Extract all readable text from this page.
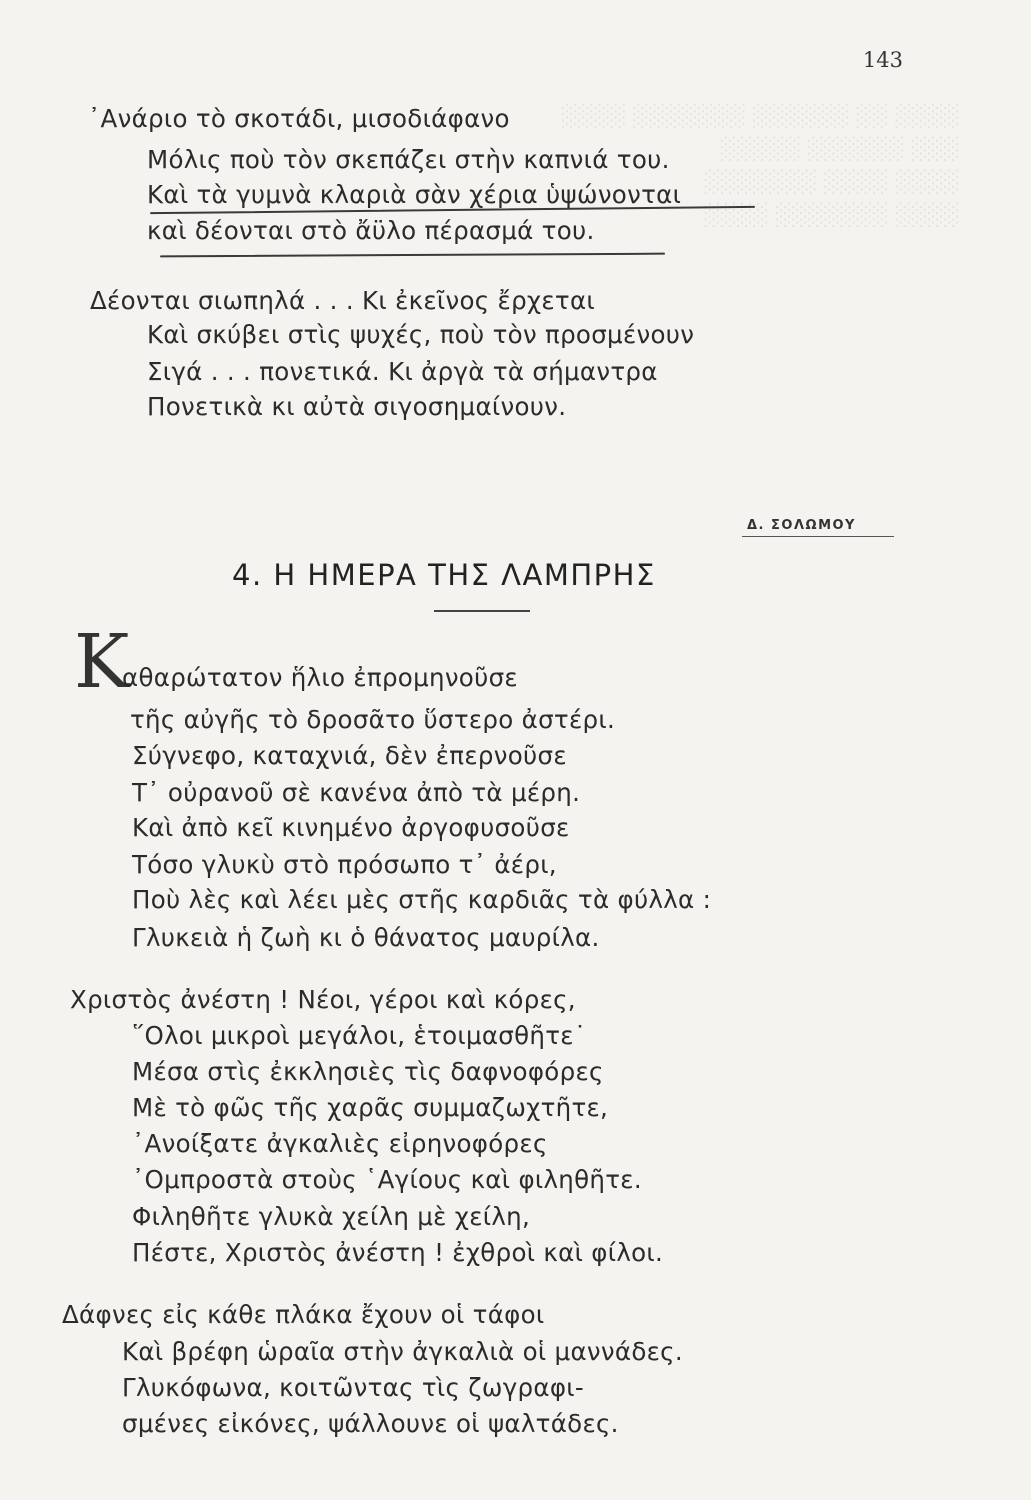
░░░░ ░░ ░░░░░░ ░░░░░░░ ░░░░
░░░ ░░░░░░ ░░░░░
░░░░ ░░░░ ░░░░░░░
░░░░ ░░░░░░░ ░░░░
143
᾽Ανάριο τὸ σκοτάδι, μισοδιάφανο
Μόλις ποὺ τὸν σκεπάζει στὴν καπνιά του.
Καὶ τὰ γυμνὰ κλαριὰ σὰν χέρια ὑψώνονται
καὶ δέονται στὸ ἄϋλο πέρασμά του.
Δέονται σιωπηλά . . . Κι ἐκεῖνος ἔρχεται
Καὶ σκύβει στὶς ψυχές, ποὺ τὸν προσμένουν
Σιγά . . . πονετικά. Κι ἀργὰ τὰ σήμαντρα
Πονετικὰ κι αὐτὰ σιγοσημαίνουν.
Δ. ΣΟΛΩΜΟΥ
4. Η ΗΜΕΡΑ ΤΗΣ ΛΑΜΠΡΗΣ
Κ
αθαρώτατον ἥλιο ἐπρομηνοῦσε
τῆς αὐγῆς τὸ δροσᾶτο ὕστερο ἀστέρι.
Σύγνεφο, καταχνιά, δὲν ἐπερνοῦσε
Τ᾽ οὐρανοῦ σὲ κανένα ἀπὸ τὰ μέρη.
Καὶ ἀπὸ κεῖ κινημένο ἀργοφυσοῦσε
Τόσο γλυκὺ στὸ πρόσωπο τ᾽ ἀέρι,
Ποὺ λὲς καὶ λέει μὲς στῆς καρδιᾶς τὰ φύλλα :
Γλυκειὰ ἡ ζωὴ κι ὁ θάνατος μαυρίλα.
Χριστὸς ἀνέστη ! Νέοι, γέροι καὶ κόρες,
῞Ολοι μικροὶ μεγάλοι, ἑτοιμασθῆτε˙
Μέσα στὶς ἐκκλησιὲς τὶς δαφνοφόρες
Μὲ τὸ φῶς τῆς χαρᾶς συμμαζωχτῆτε,
᾽Ανοίξατε ἀγκαλιὲς εἰρηνοφόρες
᾽Ομπροστὰ στοὺς ῾Αγίους καὶ φιληθῆτε.
Φιληθῆτε γλυκὰ χείλη μὲ χείλη,
Πέστε, Χριστὸς ἀνέστη ! ἐχθροὶ καὶ φίλοι.
Δάφνες εἰς κάθε πλάκα ἔχουν οἱ τάφοι
Καὶ βρέφη ὡραῖα στὴν ἀγκαλιὰ οἱ μαννάδες.
Γλυκόφωνα, κοιτῶντας τὶς ζωγραφι-
σμένες εἰκόνες, ψάλλουνε οἱ ψαλτάδες.
